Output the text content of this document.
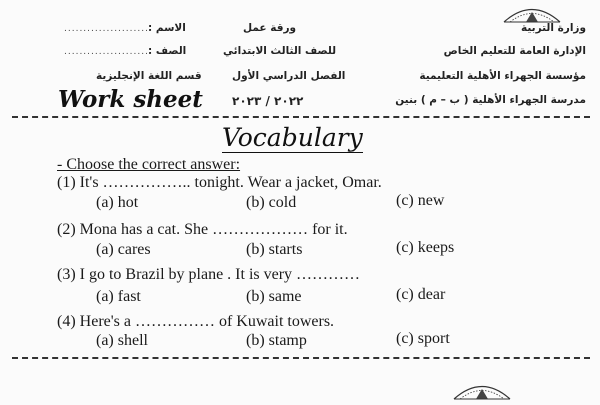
وزارة التربية
الإدارة العامة للتعليم الخاص
مؤسسة الجهراء الأهلية التعليمية
مدرسة الجهراء الأهلية ( ب – م ) بنين
ورقة عمل
للصف الثالث الابتدائي
الفصل الدراسي الأول
٢٠٢٢ / ٢٠٢٣
الاسم :
.......................
الصف :
.......................
قسم اللغة الإنجليزية
Work sheet
Vocabulary
- Choose the correct answer:
(1) It's …………….. tonight. Wear a jacket, Omar.
(a) hot	(b) cold	(c) new
(2) Mona has a cat. She ……………… for it.
(a) cares	(b) starts	(c) keeps
(3) I go to Brazil by plane . It is very …………
(a) fast	(b) same	(c) dear
(4) Here's a …………… of Kuwait towers.
(a) shell	(b) stamp	(c) sport
